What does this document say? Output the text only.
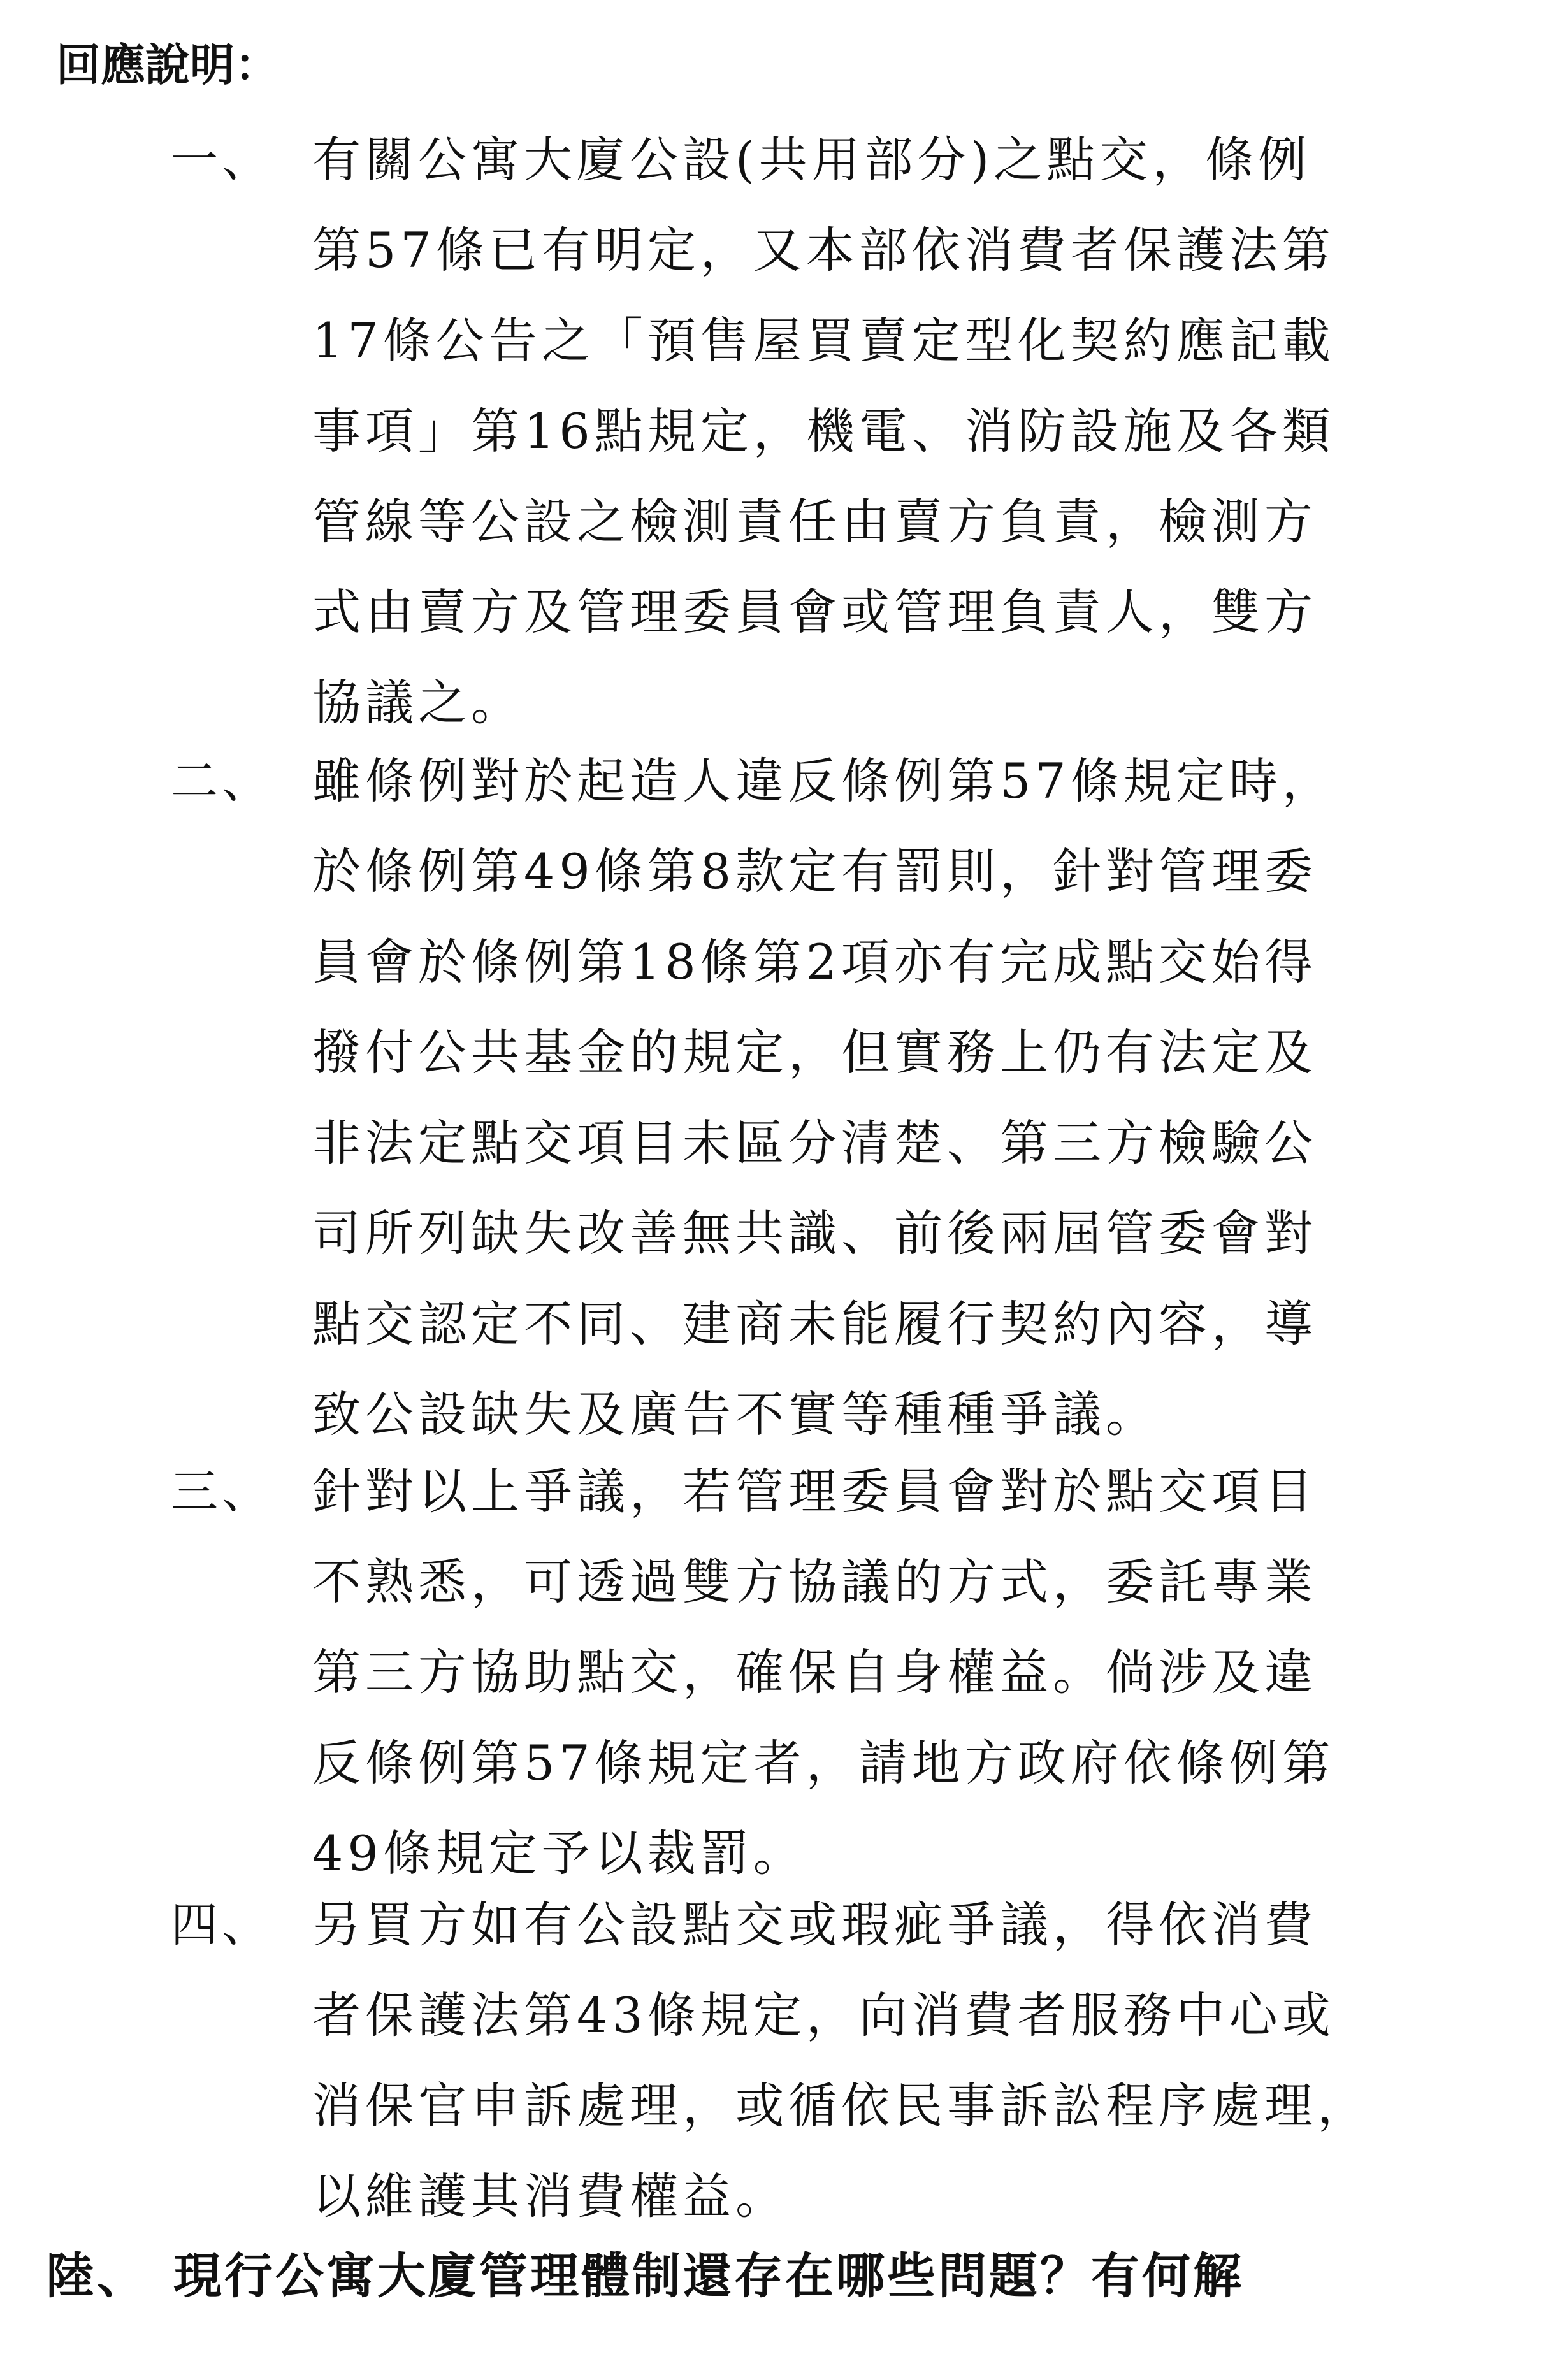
回應說明：
一、 有關公寓大廈公設(共用部分)之點交，條例
第57條已有明定，又本部依消費者保護法第
17條公告之「預售屋買賣定型化契約應記載
事項」第16點規定，機電、消防設施及各類
管線等公設之檢測責任由賣方負責，檢測方
式由賣方及管理委員會或管理負責人，雙方
協議之。
二、 雖條例對於起造人違反條例第57條規定時，
於條例第49條第8款定有罰則，針對管理委
員會於條例第18條第2項亦有完成點交始得
撥付公共基金的規定，但實務上仍有法定及
非法定點交項目未區分清楚、第三方檢驗公
司所列缺失改善無共識、前後兩屆管委會對
點交認定不同、建商未能履行契約內容，導
致公設缺失及廣告不實等種種爭議。
三、 針對以上爭議，若管理委員會對於點交項目
不熟悉，可透過雙方協議的方式，委託專業
第三方協助點交，確保自身權益。倘涉及違
反條例第57條規定者，請地方政府依條例第
49條規定予以裁罰。
四、 另買方如有公設點交或瑕疵爭議，得依消費
者保護法第43條規定，向消費者服務中心或
消保官申訴處理，或循依民事訴訟程序處理，
以維護其消費權益。
陸、 現行公寓大廈管理體制還存在哪些問題？有何解
